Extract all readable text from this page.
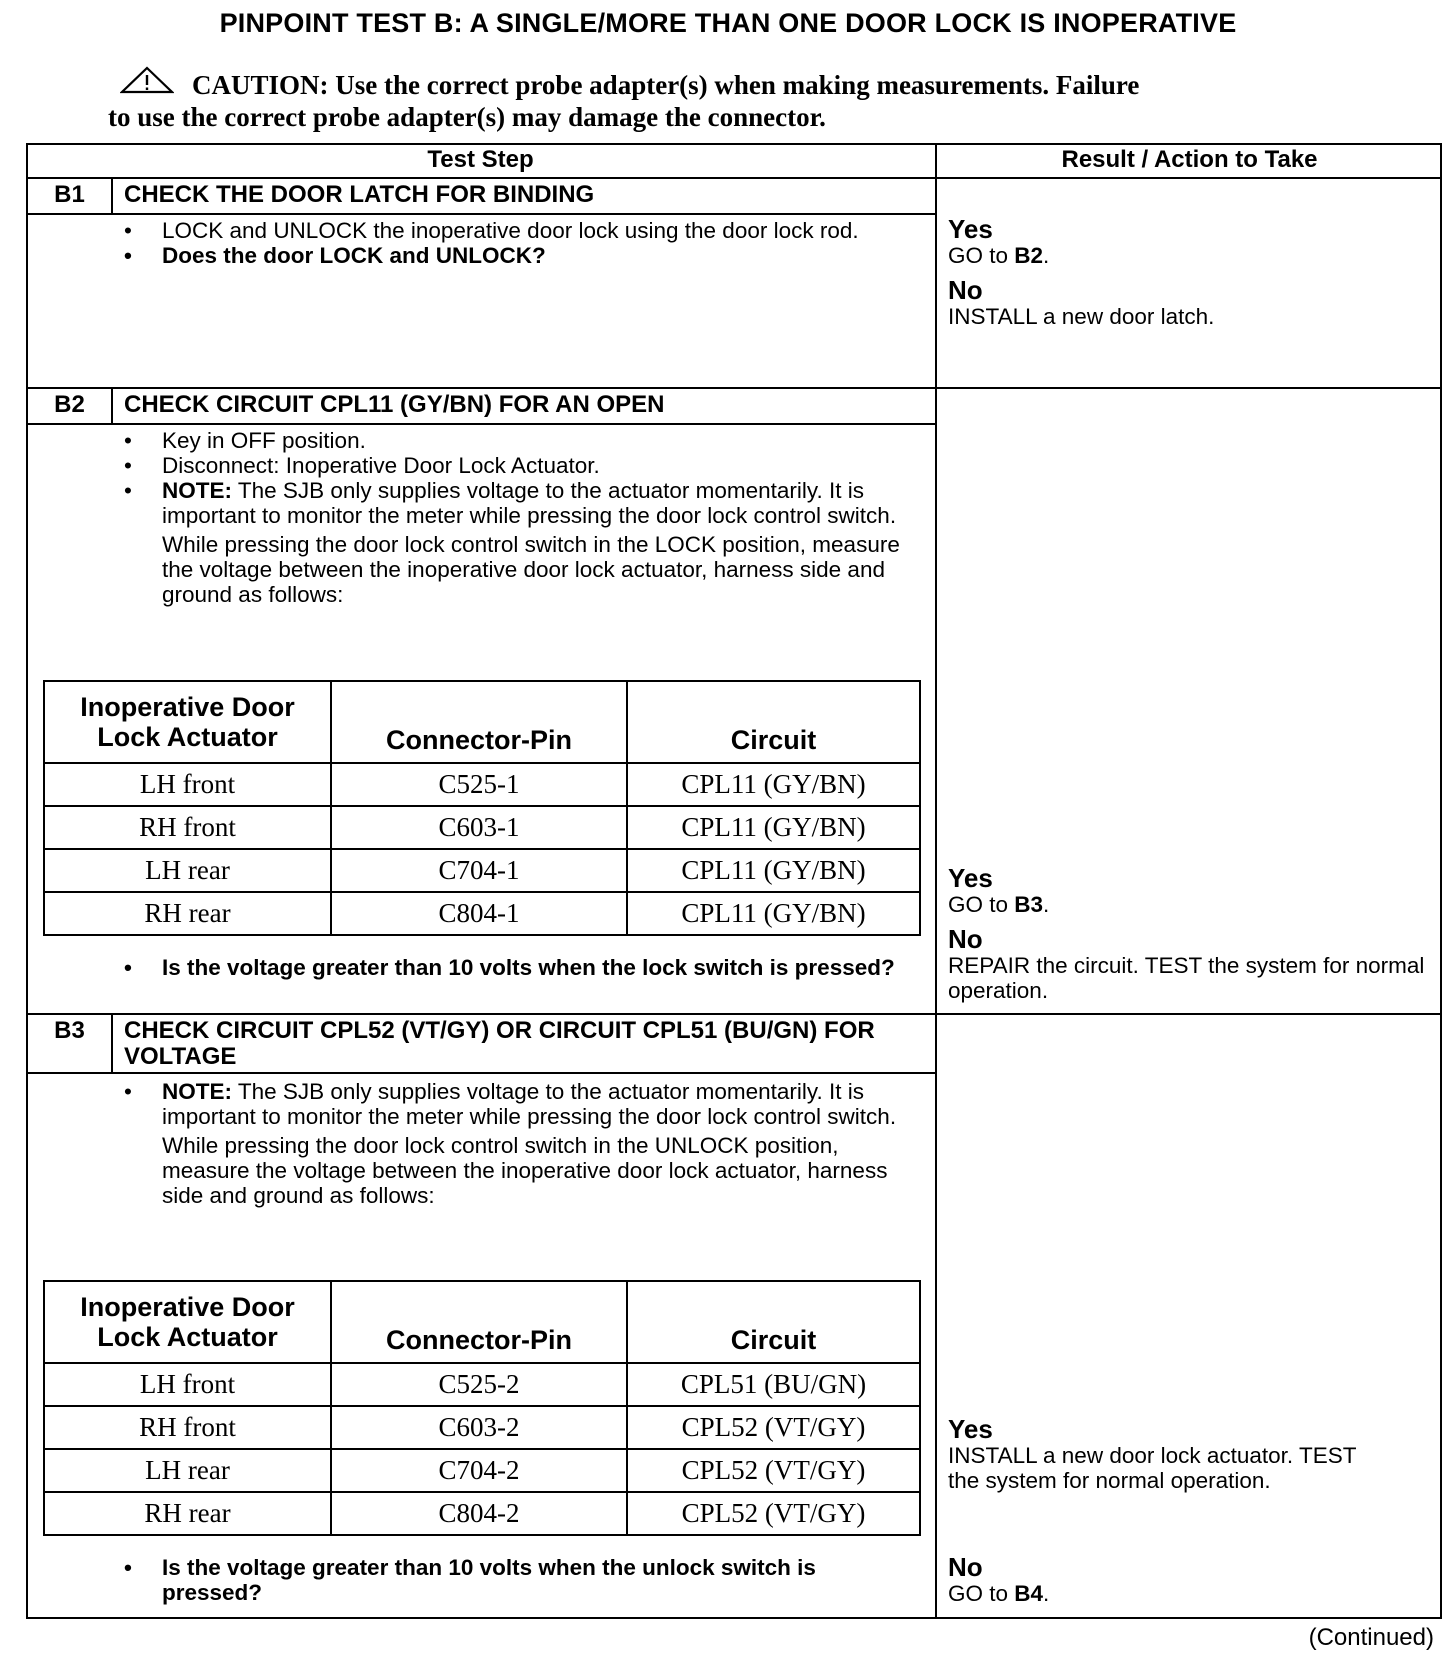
PINPOINT TEST B: A SINGLE/MORE THAN ONE DOOR LOCK IS INOPERATIVE
CAUTION: Use the correct probe adapter(s) when making measurements. Failure
to use the correct probe adapter(s) may damage the connector.
Test Step	Result / Action to Take
B1	CHECK THE DOOR LATCH FOR BINDING
• LOCK and UNLOCK the inoperative door lock using the door lock rod.
• Does the door LOCK and UNLOCK?
Yes
GO to B2.
No
INSTALL a new door latch.
B2	CHECK CIRCUIT CPL11 (GY/BN) FOR AN OPEN
• Key in OFF position.
• Disconnect: Inoperative Door Lock Actuator.
• NOTE: The SJB only supplies voltage to the actuator momentarily. It is important to monitor the meter while pressing the door lock control switch.
While pressing the door lock control switch in the LOCK position, measure the voltage between the inoperative door lock actuator, harness side and ground as follows:
Inoperative Door Lock Actuator	Connector-Pin	Circuit
LH front	C525-1	CPL11 (GY/BN)
RH front	C603-1	CPL11 (GY/BN)
LH rear	C704-1	CPL11 (GY/BN)
RH rear	C804-1	CPL11 (GY/BN)
• Is the voltage greater than 10 volts when the lock switch is pressed?
Yes
GO to B3.
No
REPAIR the circuit. TEST the system for normal operation.
B3	CHECK CIRCUIT CPL52 (VT/GY) OR CIRCUIT CPL51 (BU/GN) FOR VOLTAGE
• NOTE: The SJB only supplies voltage to the actuator momentarily. It is important to monitor the meter while pressing the door lock control switch.
While pressing the door lock control switch in the UNLOCK position, measure the voltage between the inoperative door lock actuator, harness side and ground as follows:
Inoperative Door Lock Actuator	Connector-Pin	Circuit
LH front	C525-2	CPL51 (BU/GN)
RH front	C603-2	CPL52 (VT/GY)
LH rear	C704-2	CPL52 (VT/GY)
RH rear	C804-2	CPL52 (VT/GY)
• Is the voltage greater than 10 volts when the unlock switch is pressed?
Yes
INSTALL a new door lock actuator. TEST the system for normal operation.
No
GO to B4.
(Continued)
